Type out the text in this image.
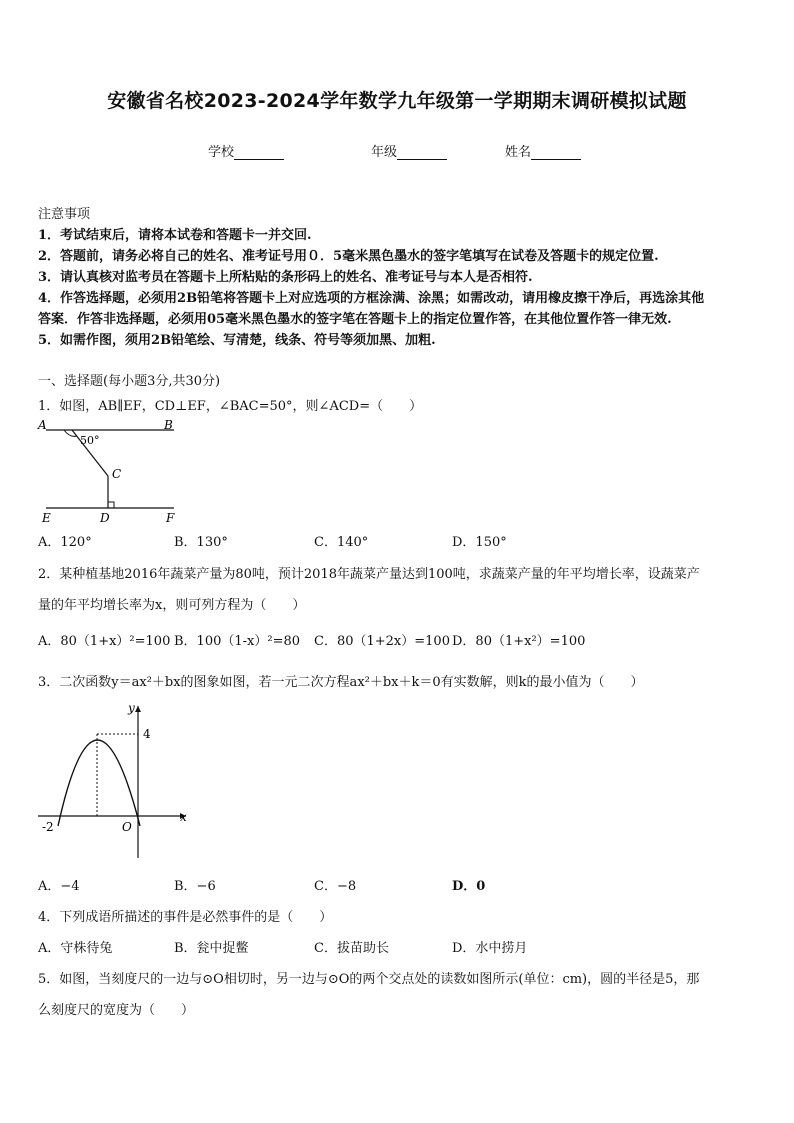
安徽省名校2023-2024学年数学九年级第一学期期末调研模拟试题
学校	年级	姓名
注意事项
1．考试结束后，请将本试卷和答题卡一并交回.
2．答题前，请务必将自己的姓名、准考证号用０．5毫米黑色墨水的签字笔填写在试卷及答题卡的规定位置.
3．请认真核对监考员在答题卡上所粘贴的条形码上的姓名、准考证号与本人是否相符.
4．作答选择题，必须用2B铅笔将答题卡上对应选项的方框涂满、涂黑；如需改动，请用橡皮擦干净后，再选涂其他
答案．作答非选择题，必须用05毫米黑色墨水的签字笔在答题卡上的指定位置作答，在其他位置作答一律无效.
5．如需作图，须用2B铅笔绘、写清楚，线条、符号等须加黑、加粗.
一、选择题(每小题3分,共30分)
1．如图，AB∥EF，CD⊥EF，∠BAC=50°，则∠ACD=（　　）
50°
A	B
C
D
E	F
A．120°	B．130°	C．140°	D．150°
2．某种植基地2016年蔬菜产量为80吨，预计2018年蔬菜产量达到100吨，求蔬菜产量的年平均增长率，设蔬菜产
量的年平均增长率为x，则可列方程为（　　）
A．80（1+x）²=100 B．100（1-x）²=80 C．80（1+2x）=100 D．80（1+x²）=100
3．二次函数y＝ax²＋bx的图象如图，若一元二次方程ax²＋bx＋k＝0有实数解，则k的最小值为（　　）
y
x
O
-2
4
A．−4	B．−6	C．−8	D．0
4．下列成语所描述的事件是必然事件的是（　　）
A．守株待兔	B．瓮中捉鳖	C．拔苗助长	D．水中捞月
5．如图，当刻度尺的一边与⊙O相切时，另一边与⊙O的两个交点处的读数如图所示(单位：cm)，圆的半径是5，那
么刻度尺的宽度为（　　）
